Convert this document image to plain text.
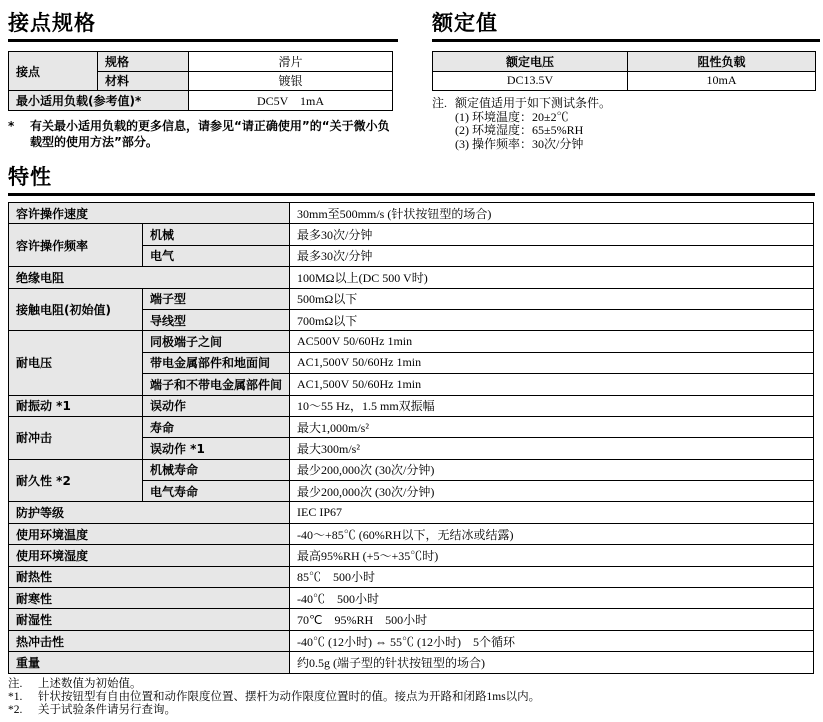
接点规格
接点	规格	滑片
	材料	镀银
最小适用负载(参考值)*		DC5V　1mA
*	有关最小适用负载的更多信息，请参见“请正确使用”的“关于微小负载型的使用方法”部分。
额定值
额定电压	阻性负载
DC13.5V	10mA
注. 额定值适用于如下测试条件。
(1) 环境温度：20±2℃
(2) 环境湿度：65±5%RH
(3) 操作频率：30次/分钟
特性
容许操作速度		30mm至500mm/s (针状按钮型的场合)
容许操作频率	机械	最多30次/分钟
	电气	最多30次/分钟
绝缘电阻		100MΩ以上(DC 500 V时)
接触电阻(初始值)	端子型	500mΩ以下
	导线型	700mΩ以下
耐电压	同极端子之间	AC500V 50/60Hz 1min
	带电金属部件和地面间	AC1,500V 50/60Hz 1min
	端子和不带电金属部件间	AC1,500V 50/60Hz 1min
耐振动 *1	误动作	10～55 Hz，1.5 mm双振幅
耐冲击	寿命	最大1,000m/s²
	误动作 *1	最大300m/s²
耐久性 *2	机械寿命	最少200,000次 (30次/分钟)
	电气寿命	最少200,000次 (30次/分钟)
防护等级		IEC IP67
使用环境温度		-40～+85℃ (60%RH以下，无结冰或结露)
使用环境湿度		最高95%RH (+5～+35℃时)
耐热性		85℃　500小时
耐寒性		-40℃　500小时
耐湿性		70℃　95%RH　500小时
热冲击性		-40℃ (12小时) ⇔ 55℃ (12小时)　5个循环
重量		约0.5g (端子型的针状按钮型的场合)
注.	上述数值为初始值。
*1.	针状按钮型有自由位置和动作限度位置、摆杆为动作限度位置时的值。接点为开路和闭路1ms以内。
*2.	关于试验条件请另行查询。
